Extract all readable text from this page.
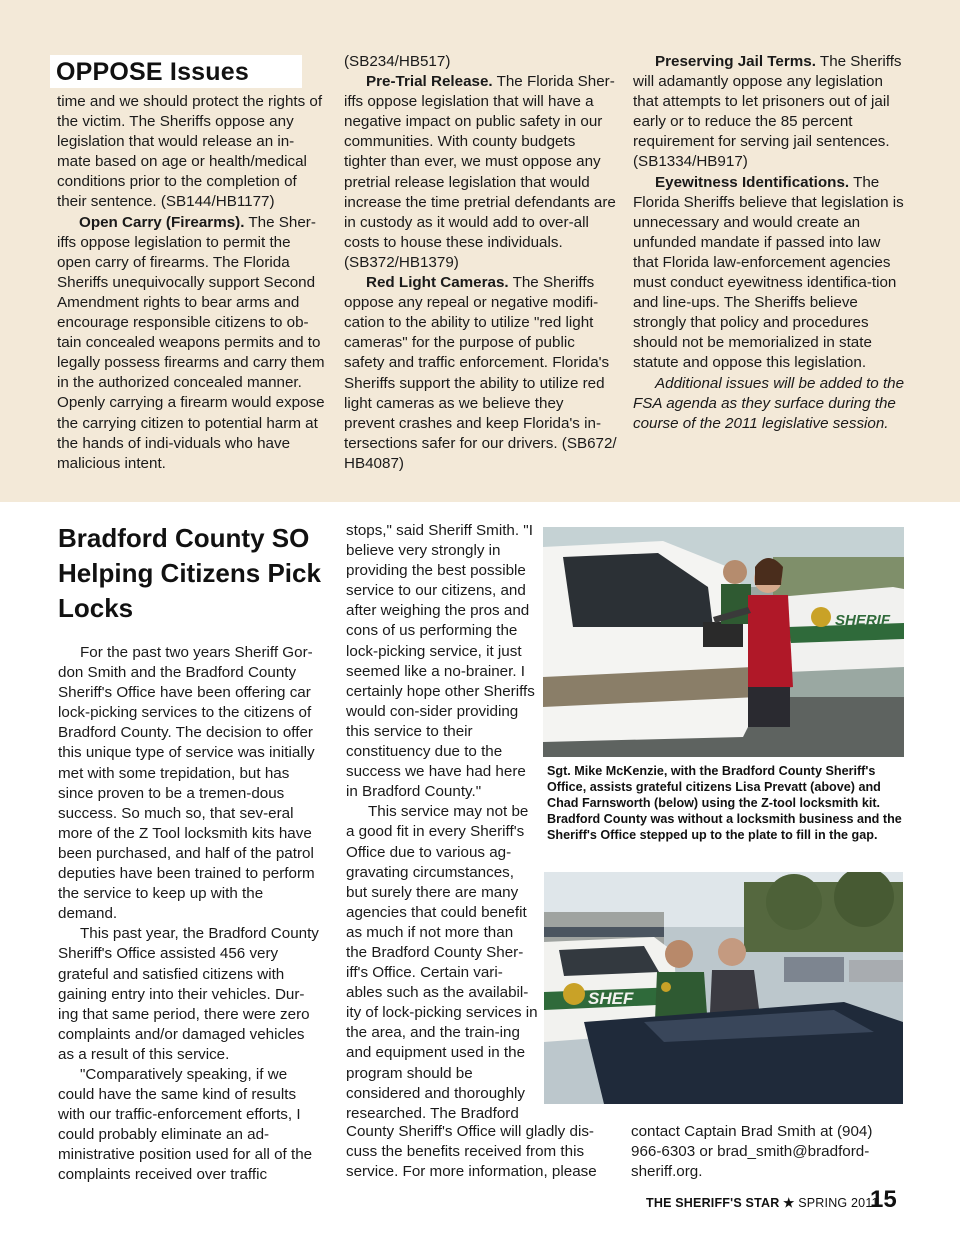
OPPOSE Issues

time and we should protect the rights of the victim. The Sheriffs oppose any legislation that would release an in-mate based on age or health/medical conditions prior to the completion of their sentence. (SB144/HB1177)

Open Carry (Firearms). The Sher-iffs oppose legislation to permit the open carry of firearms. The Florida Sheriffs unequivocally support Second Amendment rights to bear arms and encourage responsible citizens to ob-tain concealed weapons permits and to legally possess firearms and carry them in the authorized concealed manner. Openly carrying a firearm would expose the carrying citizen to potential harm at the hands of indi-viduals who have malicious intent.

(SB234/HB517)

Pre-Trial Release. The Florida Sher-iffs oppose legislation that will have a negative impact on public safety in our communities. With county budgets tighter than ever, we must oppose any pretrial release legislation that would increase the time pretrial defendants are in custody as it would add to over-all costs to house these individuals. (SB372/HB1379)

Red Light Cameras. The Sheriffs oppose any repeal or negative modifi-cation to the ability to utilize "red light cameras" for the purpose of public safety and traffic enforcement. Florida's Sheriffs support the ability to utilize red light cameras as we believe they prevent crashes and keep Florida's in-tersections safer for our drivers. (SB672/ HB4087)

Preserving Jail Terms. The Sheriffs will adamantly oppose any legislation that attempts to let prisoners out of jail early or to reduce the 85 percent requirement for serving jail sentences. (SB1334/HB917)

Eyewitness Identifications. The Florida Sheriffs believe that legislation is unnecessary and would create an unfunded mandate if passed into law that Florida law-enforcement agencies must conduct eyewitness identifica-tion and line-ups. The Sheriffs believe strongly that policy and procedures should not be memorialized in state statute and oppose this legislation.

Additional issues will be added to the FSA agenda as they surface during the course of the 2011 legislative session.

Bradford County SO Helping Citizens Pick Locks

For the past two years Sheriff Gor-don Smith and the Bradford County Sheriff's Office have been offering car lock-picking services to the citizens of Bradford County. The decision to offer this unique type of service was initially met with some trepidation, but has since proven to be a tremen-dous success. So much so, that sev-eral more of the Z Tool locksmith kits have been purchased, and half of the patrol deputies have been trained to perform the service to keep up with the demand.

This past year, the Bradford County Sheriff's Office assisted 456 very grateful and satisfied citizens with gaining entry into their vehicles. Dur-ing that same period, there were zero complaints and/or damaged vehicles as a result of this service.

"Comparatively speaking, if we could have the same kind of results with our traffic-enforcement efforts, I could probably eliminate an ad-ministrative position used for all of the complaints received over traffic

stops," said Sheriff Smith. "I believe very strongly in providing the best possible service to our citizens, and after weighing the pros and cons of us performing the lock-picking service, it just seemed like a no-brainer. I certainly hope other Sheriffs would con-sider providing this service to their constituency due to the success we have had here in Bradford County."

This service may not be a good fit in every Sheriff's Office due to various ag-gravating circumstances, but surely there are many agencies that could benefit as much if not more than the Bradford County Sher-iff's Office. Certain vari-ables such as the availabil-ity of lock-picking services in the area, and the train-ing and equipment used in the program should be considered and thoroughly researched. The Bradford

County Sheriff's Office will gladly dis-cuss the benefits received from this service. For more information, please

contact Captain Brad Smith at (904) 966-6303 or brad_smith@bradford-sheriff.org.

SHERIF
Sgt. Mike McKenzie, with the Bradford County Sheriff's Office, assists grateful citizens Lisa Prevatt (above) and Chad Farnsworth (below) using the Z-tool locksmith kit. Bradford County was without a locksmith business and the Sheriff's Office stepped up to the plate to fill in the gap.
SHEF
THE SHERIFF'S STAR ★ SPRING 2011
15
